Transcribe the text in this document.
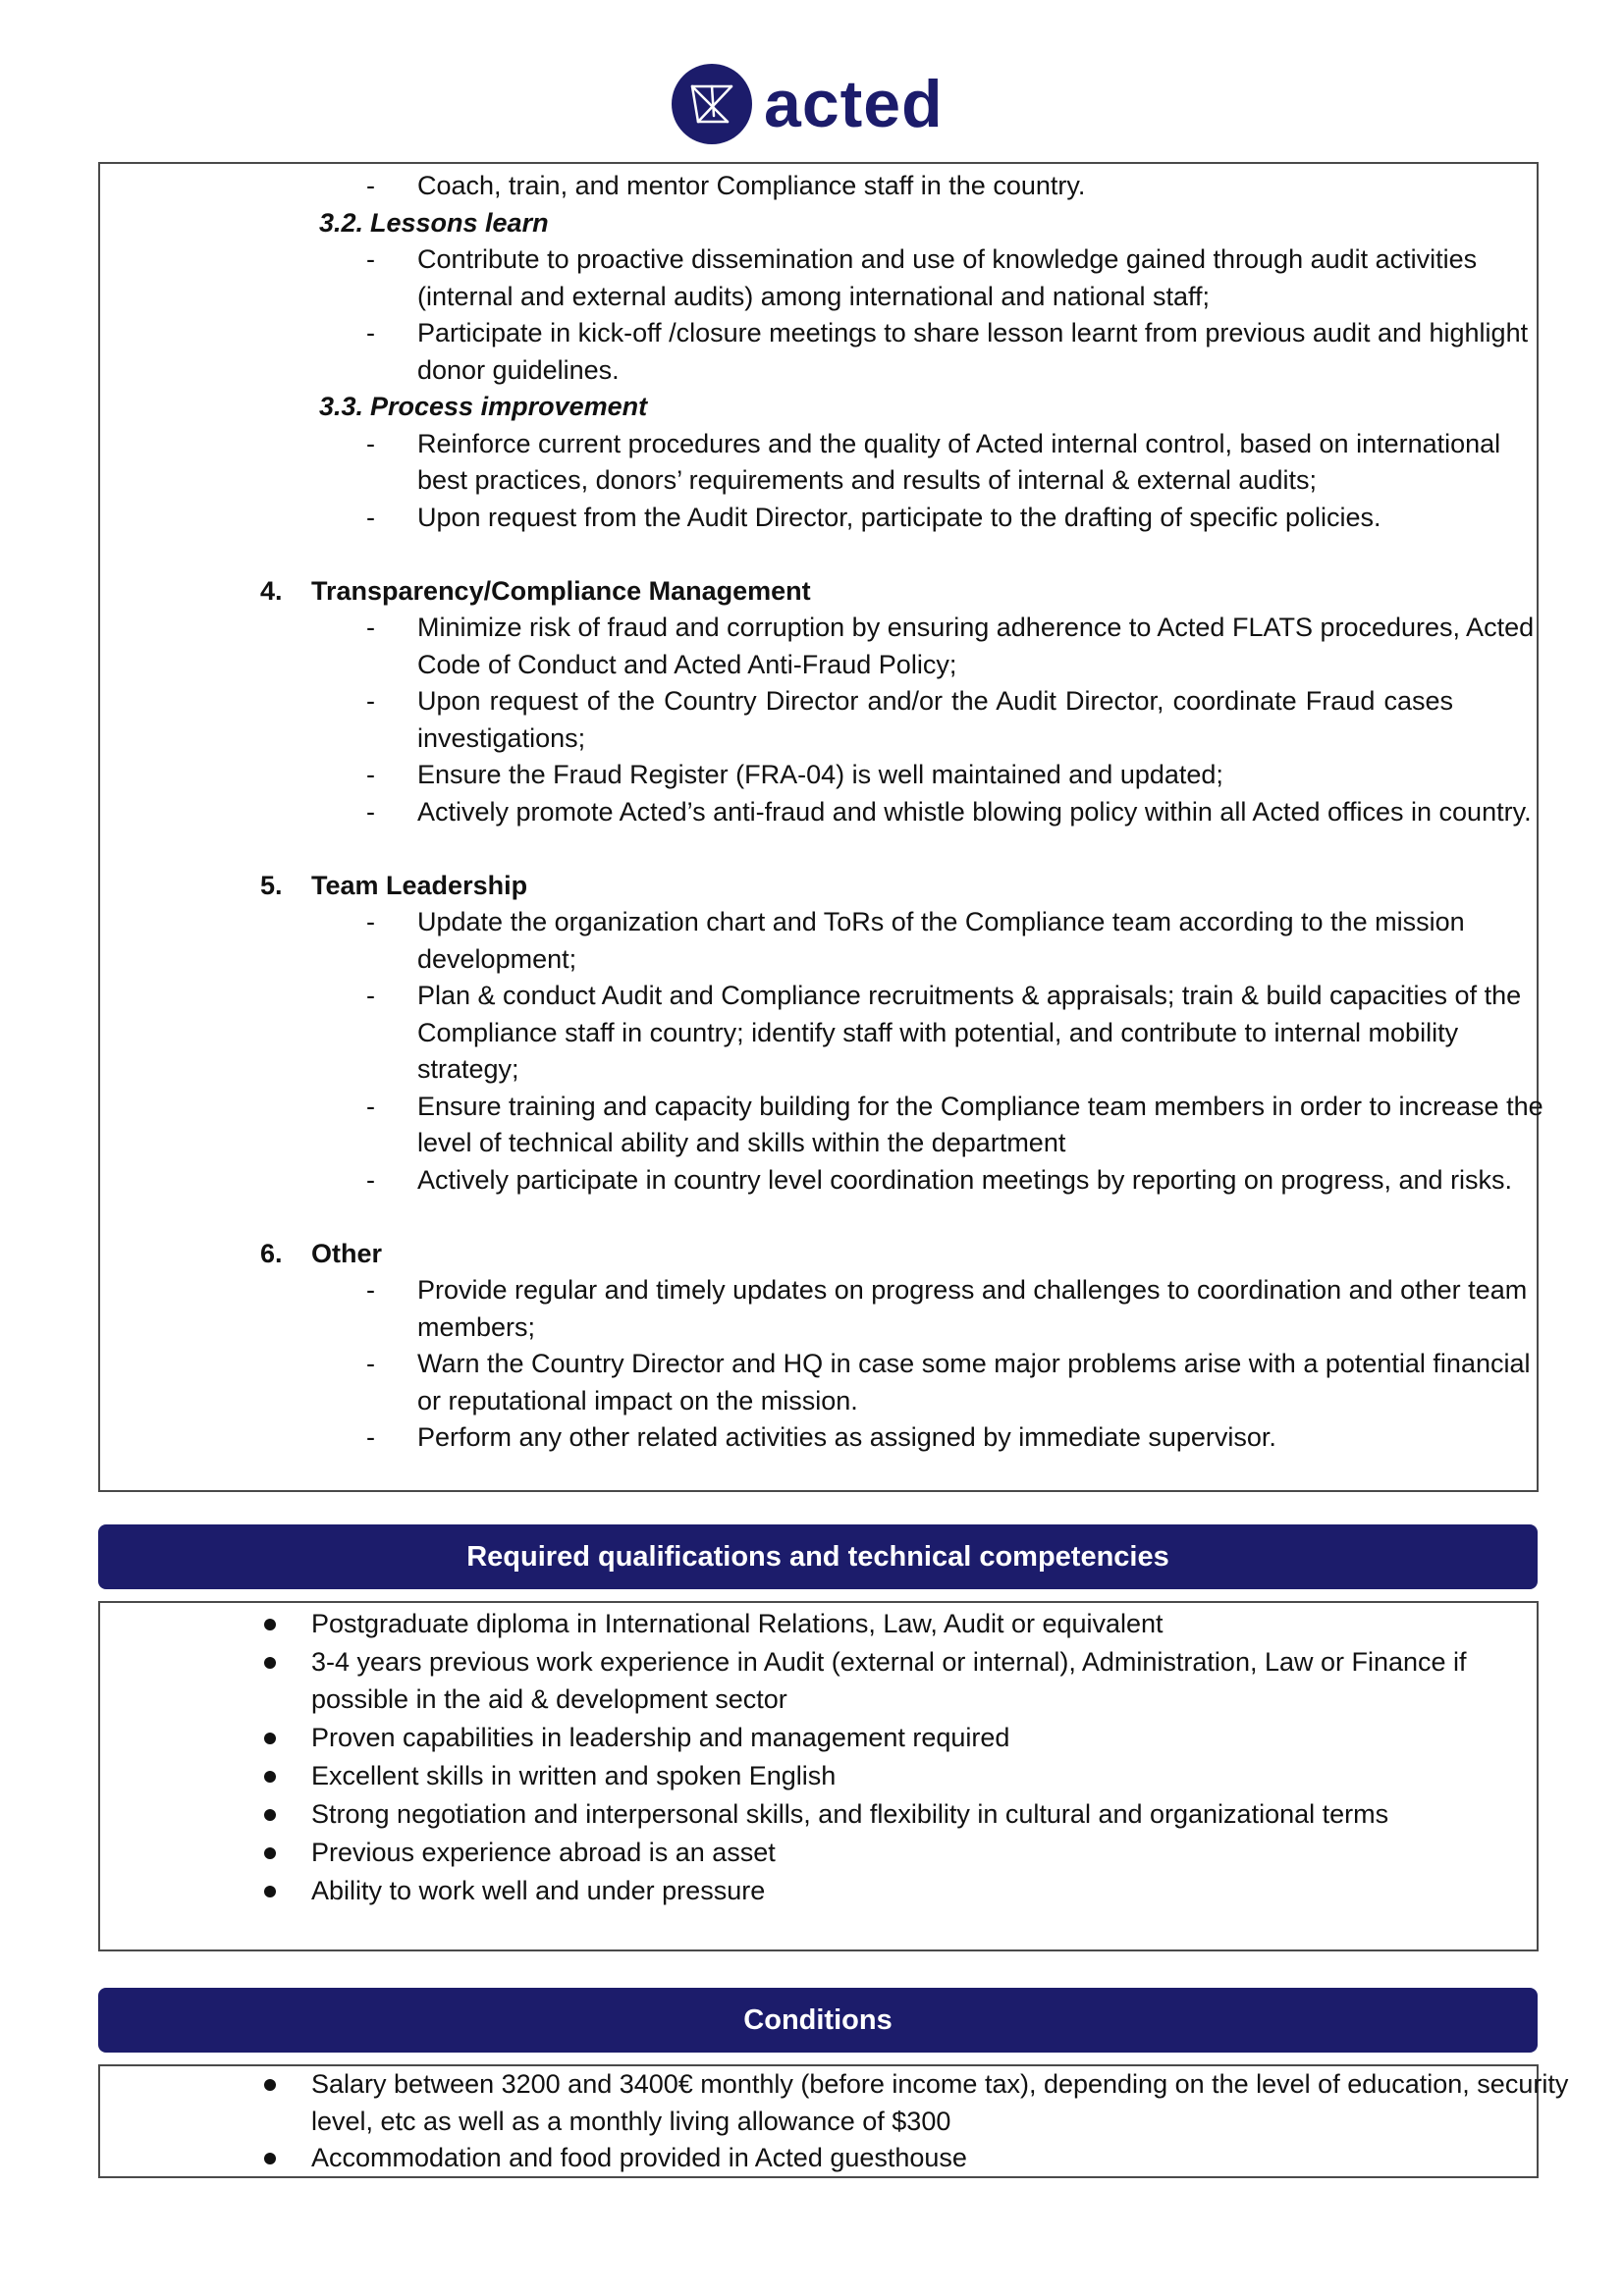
acted
-	Coach, train, and mentor Compliance staff in the country.
3.2. Lessons learn
-	Contribute to proactive dissemination and use of knowledge gained through audit activities
(internal and external audits) among international and national staff;
-	Participate in kick-off /closure meetings to share lesson learnt from previous audit and highlight
donor guidelines.
3.3. Process improvement
-	Reinforce current procedures and the quality of Acted internal control, based on international
best practices, donors’ requirements and results of internal & external audits;
-	Upon request from the Audit Director, participate to the drafting of specific policies.
4. Transparency/Compliance Management
-	Minimize risk of fraud and corruption by ensuring adherence to Acted FLATS procedures, Acted
Code of Conduct and Acted Anti-Fraud Policy;
-	Upon request of the Country Director and/or the Audit Director, coordinate Fraud cases
investigations;
-	Ensure the Fraud Register (FRA-04) is well maintained and updated;
-	Actively promote Acted’s anti-fraud and whistle blowing policy within all Acted offices in country.
5. Team Leadership
-	Update the organization chart and ToRs of the Compliance team according to the mission
development;
-	Plan & conduct Audit and Compliance recruitments & appraisals; train & build capacities of the
Compliance staff in country; identify staff with potential, and contribute to internal mobility
strategy;
-	Ensure training and capacity building for the Compliance team members in order to increase the
level of technical ability and skills within the department
-	Actively participate in country level coordination meetings by reporting on progress, and risks.
6. Other
-	Provide regular and timely updates on progress and challenges to coordination and other team
members;
-	Warn the Country Director and HQ in case some major problems arise with a potential financial
or reputational impact on the mission.
-	Perform any other related activities as assigned by immediate supervisor.
Required qualifications and technical competencies
Postgraduate diploma in International Relations, Law, Audit or equivalent
3-4 years previous work experience in Audit (external or internal), Administration, Law or Finance if
possible in the aid & development sector
Proven capabilities in leadership and management required
Excellent skills in written and spoken English
Strong negotiation and interpersonal skills, and flexibility in cultural and organizational terms
Previous experience abroad is an asset
Ability to work well and under pressure
Conditions
Salary between 3200 and 3400€ monthly (before income tax), depending on the level of education, security
level, etc as well as a monthly living allowance of $300
Accommodation and food provided in Acted guesthouse
